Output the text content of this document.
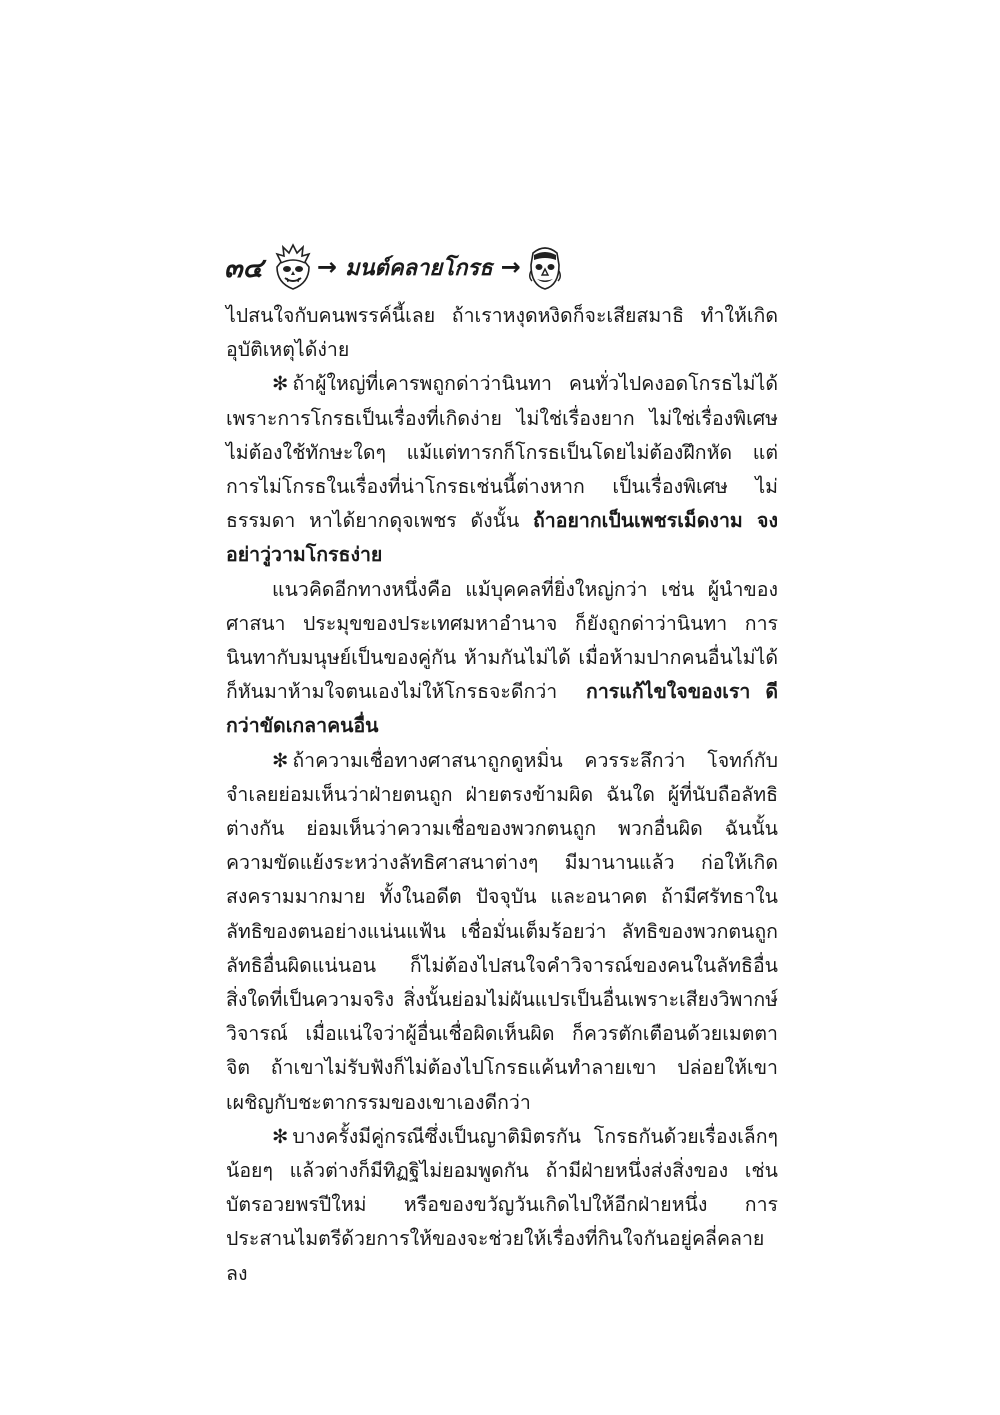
๓๔ → มนต์คลายโกรธ →

ไปสนใจกับคนพรรค์นี้เลย ถ้าเราหงุดหงิดก็จะเสียสมาธิ ทำให้เกิดอุบัติเหตุได้ง่าย

✻ ถ้าผู้ใหญ่ที่เคารพถูกด่าว่านินทา คนทั่วไปคงอดโกรธไม่ได้ เพราะการโกรธเป็นเรื่องที่เกิดง่าย ไม่ใช่เรื่องยาก ไม่ใช่เรื่องพิเศษ ไม่ต้องใช้ทักษะใดๆ แม้แต่ทารกก็โกรธเป็นโดยไม่ต้องฝึกหัด แต่การไม่โกรธในเรื่องที่น่าโกรธเช่นนี้ต่างหาก เป็นเรื่องพิเศษ ไม่ธรรมดา หาได้ยากดุจเพชร ดังนั้น ถ้าอยากเป็นเพชรเม็ดงาม จงอย่าวู่วามโกรธง่าย

แนวคิดอีกทางหนึ่งคือ แม้บุคคลที่ยิ่งใหญ่กว่า เช่น ผู้นำของศาสนา ประมุขของประเทศมหาอำนาจ ก็ยังถูกด่าว่านินทา การนินทากับมนุษย์เป็นของคู่กัน ห้ามกันไม่ได้ เมื่อห้ามปากคนอื่นไม่ได้ ก็หันมาห้ามใจตนเองไม่ให้โกรธจะดีกว่า การแก้ไขใจของเรา ดีกว่าขัดเกลาคนอื่น

✻ ถ้าความเชื่อทางศาสนาถูกดูหมิ่น ควรระลึกว่า โจทก์กับจำเลยย่อมเห็นว่าฝ่ายตนถูก ฝ่ายตรงข้ามผิด ฉันใด ผู้ที่นับถือลัทธิต่างกัน ย่อมเห็นว่าความเชื่อของพวกตนถูก พวกอื่นผิด ฉันนั้น ความขัดแย้งระหว่างลัทธิศาสนาต่างๆ มีมานานแล้ว ก่อให้เกิดสงครามมากมาย ทั้งในอดีต ปัจจุบัน และอนาคต ถ้ามีศรัทธาในลัทธิของตนอย่างแน่นแฟ้น เชื่อมั่นเต็มร้อยว่า ลัทธิของพวกตนถูก ลัทธิอื่นผิดแน่นอน ก็ไม่ต้องไปสนใจคำวิจารณ์ของคนในลัทธิอื่น สิ่งใดที่เป็นความจริง สิ่งนั้นย่อมไม่ผันแปรเป็นอื่นเพราะเสียงวิพากษ์วิจารณ์ เมื่อแน่ใจว่าผู้อื่นเชื่อผิดเห็นผิด ก็ควรตักเตือนด้วยเมตตาจิต ถ้าเขาไม่รับฟังก็ไม่ต้องไปโกรธแค้นทำลายเขา ปล่อยให้เขาเผชิญกับชะตากรรมของเขาเองดีกว่า

✻ บางครั้งมีคู่กรณีซึ่งเป็นญาติมิตรกัน โกรธกันด้วยเรื่องเล็กๆ น้อยๆ แล้วต่างก็มีทิฏฐิไม่ยอมพูดกัน ถ้ามีฝ่ายหนึ่งส่งสิ่งของ เช่น บัตรอวยพรปีใหม่ หรือของขวัญวันเกิดไปให้อีกฝ่ายหนึ่ง การประสานไมตรีด้วยการให้ของจะช่วยให้เรื่องที่กินใจกันอยู่คลี่คลายลง
